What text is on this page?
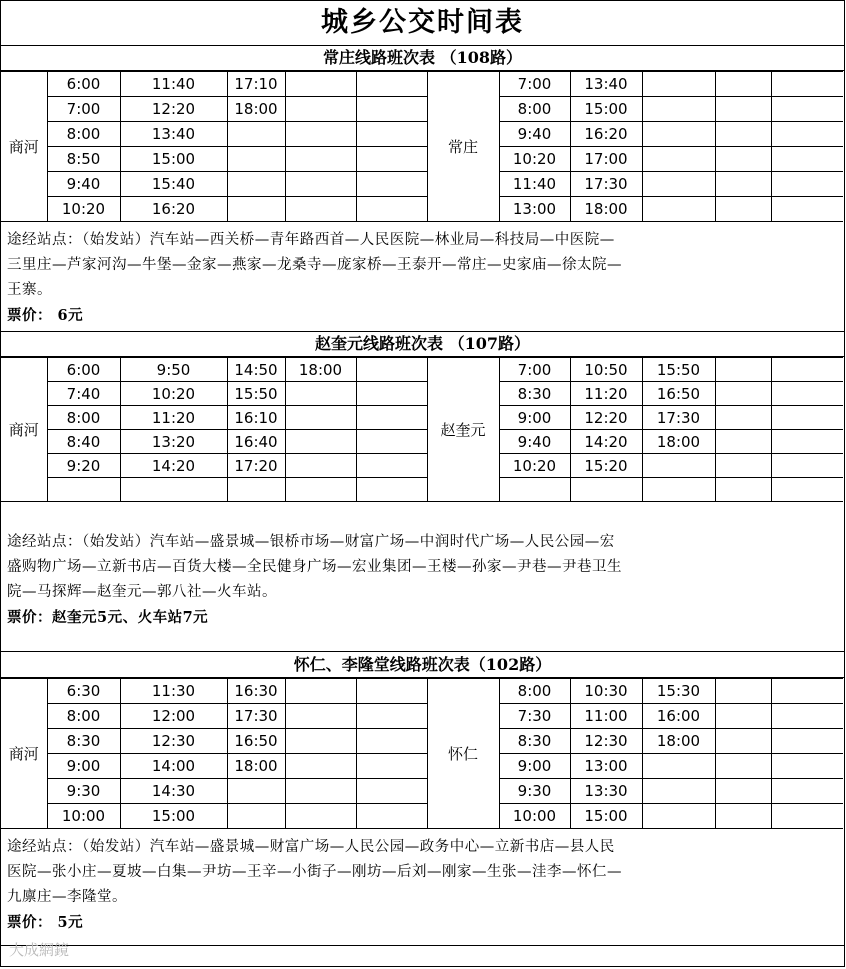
城乡公交时间表
常庄线路班次表 （108路）
商河	6:00	11:40	17:10			常庄	7:00	13:40			
	7:00	12:20	18:00				8:00	15:00			
	8:00	13:40					9:40	16:20			
	8:50	15:00					10:20	17:00			
	9:40	15:40					11:40	17:30			
	10:20	16:20					13:00	18:00			
途经站点：（始发站）汽车站—西关桥—青年路西首—人民医院—林业局—科技局—中医院—
三里庄—芦家河沟—牛堡—金家—燕家—龙桑寺—庞家桥—王泰开—常庄—史家庙—徐太院—
王寨。
票价： 6元
赵奎元线路班次表 （107路）
商河	6:00	9:50	14:50	18:00		赵奎元	7:00	10:50	15:50		
	7:40	10:20	15:50				8:30	11:20	16:50		
	8:00	11:20	16:10				9:00	12:20	17:30		
	8:40	13:20	16:40				9:40	14:20	18:00		
	9:20	14:20	17:20				10:20	15:20			

途经站点：（始发站）汽车站—盛景城—银桥市场—财富广场—中润时代广场—人民公园—宏
盛购物广场—立新书店—百货大楼—全民健身广场—宏业集团—王楼—孙家—尹巷—尹巷卫生
院—马探辉—赵奎元—郭八社—火车站。
票价：赵奎元5元、火车站7元
怀仁、李隆堂线路班次表（102路）
商河	6:30	11:30	16:30			怀仁	8:00	10:30	15:30		
	8:00	12:00	17:30				7:30	11:00	16:00		
	8:30	12:30	16:50				8:30	12:30	18:00		
	9:00	14:00	18:00				9:00	13:00			
	9:30	14:30					9:30	13:30			
	10:00	15:00					10:00	15:00			
途经站点：（始发站）汽车站—盛景城—财富广场—人民公园—政务中心—立新书店—县人民
医院—张小庄—夏坡—白集—尹坊—王辛—小街子—刚坊—后刘—刚家—生张—洼李—怀仁—
九廪庄—李隆堂。
票价： 5元
大成網鏡
